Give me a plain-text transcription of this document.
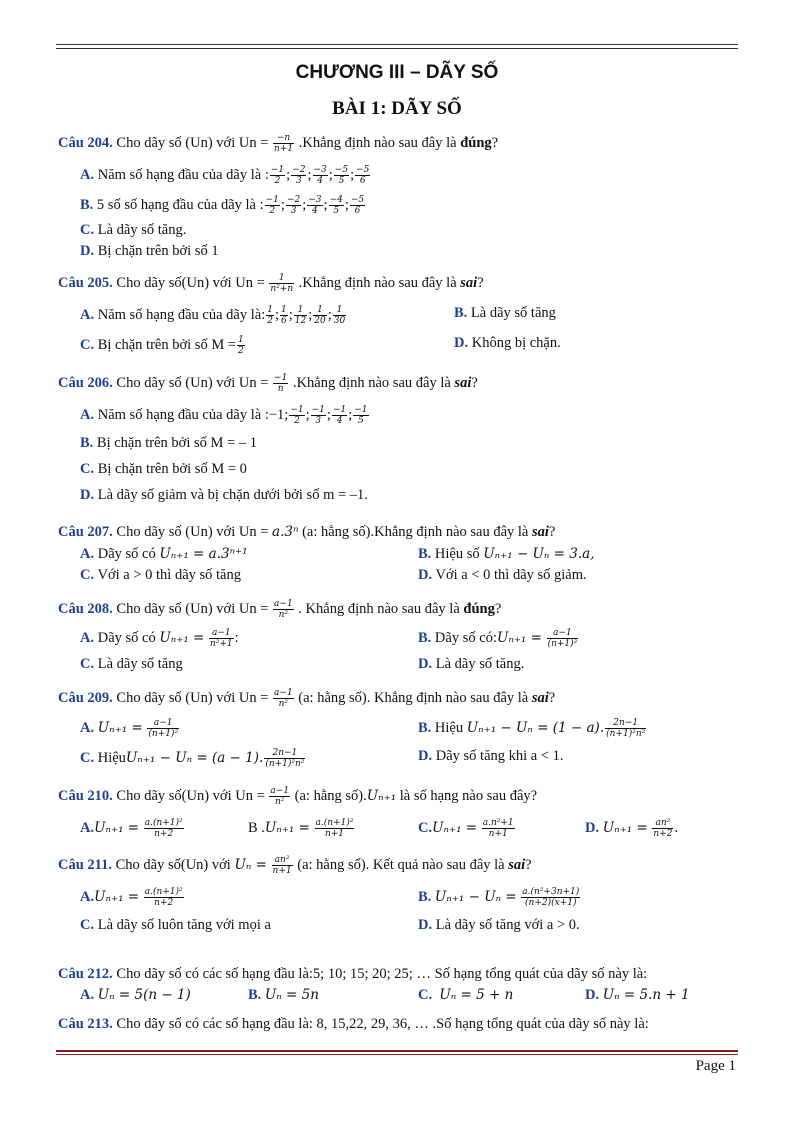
CHƯƠNG III – DÃY SỐ
BÀI 1: DÃY SỐ
Câu 204. Cho dãy số (Un) với $Un = \frac{-n}{n+1}$ .Khẳng định nào sau đây là đúng?
A. Năm số hạng đầu của dãy là : $\frac{-1}{2}$ ; $\frac{-2}{3}$ ; $\frac{-3}{4}$ ; $\frac{-5}{5}$ ; $\frac{-5}{6}$
B. 5 số số hạng đầu của dãy là : $\frac{-1}{2}$ ; $\frac{-2}{3}$ ; $\frac{-3}{4}$ ; $\frac{-4}{5}$ ; $\frac{-5}{6}$
C. Là dãy số tăng.
D. Bị chặn trên bởi số 1
Câu 205. Cho dãy số(Un) với $Un = \frac{1}{\text{n²+n}}$ .Khẳng định nào sau đây là sai?
A. Năm số hạng đầu của dãy là: $\frac{1}{2}$ ; $\frac{1}{6}$ ; $\frac{1}{12}$ ; $\frac{1}{20}$ ; $\frac{1}{30}$	B. Là dãy số tăng
C. Bị chặn trên bởi số $M = \frac{1}{2}$	D. Không bị chặn.
Câu 206. Cho dãy số (Un) với $Un = \frac{-1}{n}$ .Khẳng định nào sau đây là sai?
A. Năm số hạng đầu của dãy là :−1; $\frac{-1}{2}$ ; $\frac{-1}{3}$ ; $\frac{-1}{4}$ ; $\frac{-1}{5}$
B. Bị chặn trên bởi số M = – 1
C. Bị chặn trên bởi số M = 0
D. Là dãy số giảm và bị chặn dưới bởi số m = –1.
Câu 207. Cho dãy số (Un) với Un = a.3ⁿ (a: hằng số).Khẳng định nào sau đây là sai?
A. Dãy số có Uₙ₊₁ = a.3ⁿ⁺¹	B. Hiệu số Uₙ₊₁ − Uₙ = 3.a,
C. Với a > 0 thì dãy số tăng	D. Với a < 0 thì dãy số giảm.
Câu 208. Cho dãy số (Un) với $Un = \frac{a-1}{\text{n²}}$ . Khẳng định nào sau đây là đúng?
A. Dãy số có $U_{n+1} = \frac{a-1}{\text{n²+1}}$ :	B. Dãy số có:Uₙ₊₁ = $\frac{a-1}{\text{(n+1)²}}$
C. Là dãy số tăng	D. Là dãy số tăng.
Câu 209. Cho dãy số (Un) với $Un = \frac{a-1}{\text{n²}} (a$: hằng số). Khẳng định nào sau đây là sai?
A. $U_{n+1} = \frac{a-1}{\text{(n+1)²}}$	B. Hiệu Uₙ₊₁ − Uₙ = (1 − a). $\frac{2n-1}{\text{(n+1)²n²}}$
C. HiệuUₙ₊₁ − Uₙ = (a − 1). $\frac{2n-1}{\text{(n+1)²n²}}$	D. Dãy số tăng khi a < 1.
Câu 210. Cho dãy số(Un) với $Un = \frac{a-1}{\text{n²}} (a$: hằng số).Uₙ₊₁ là số hạng nào sau đây?
$A.U_{n+1} = \frac{\text{a.(n+1)²}}{n+2}$	B $.U_{n+1} = \frac{\text{a.(n+1)²}}{n+1}$	$C.U_{n+1} = \frac{\text{a.n²+1}}{n+1}$	D. $U_{n+1} = \frac{\text{an²}}{n+2}$ .
Câu 211. Cho dãy số(Un) với $U_n = \frac{\text{an²}}{n+1} (a$: hằng số). Kết quả nào sau đây là sai?
$A.U_{n+1} = \frac{\text{a.(n+1)²}}{n+2}$	B. $U_{n+1} - U_n = \frac{\text{a.(n²+3n+1)}}{(n+2)(x+1)}$
C. Là dãy số luôn tăng với mọi a	D. Là dãy số tăng với a > 0.
Câu 212. Cho dãy số có các số hạng đầu là:5; 10; 15; 20; 25; … Số hạng tổng quát của dãy số này là:
A. Uₙ = 5(n − 1)	B. Uₙ = 5n	C. Uₙ = 5 + n	D. Uₙ = 5.n + 1
Câu 213. Cho dãy số có các số hạng đầu là: 8, 15,22, 29, 36, … .Số hạng tổng quát của dãy số này là:
Page 1
